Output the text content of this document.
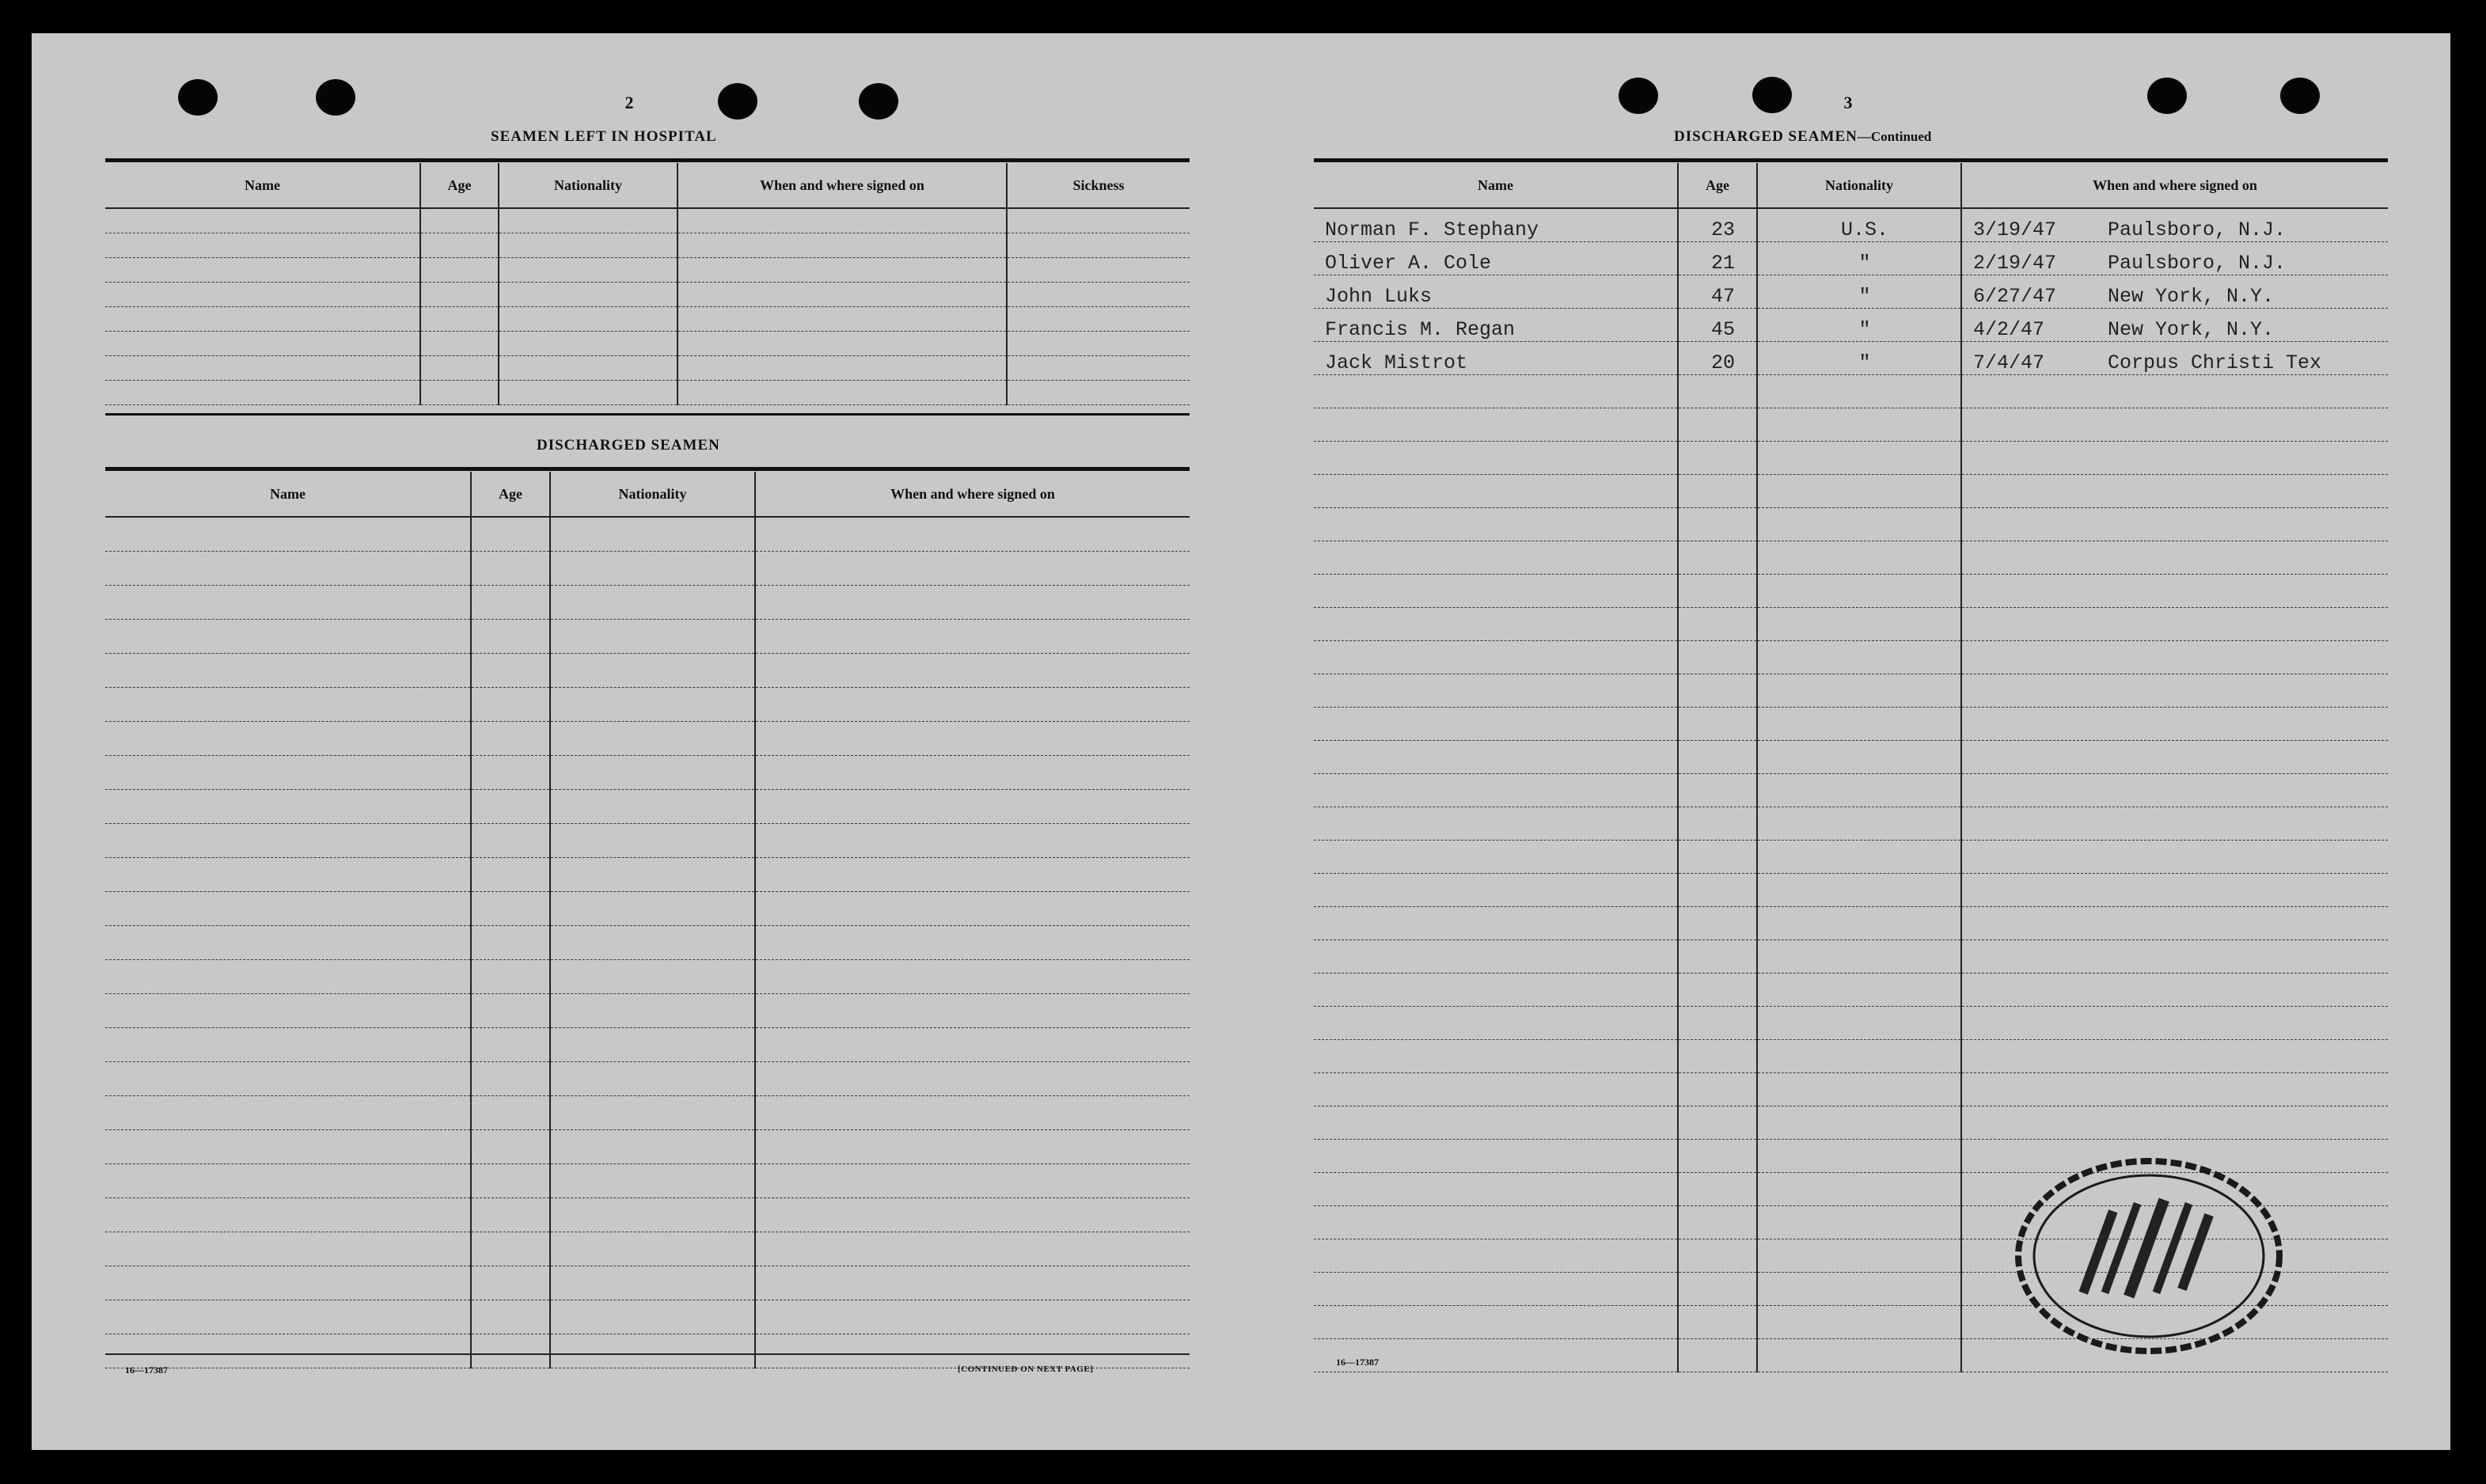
2
SEAMEN LEFT IN HOSPITAL
Name	Age	Nationality	When and where signed on	Sickness

DISCHARGED SEAMEN
Name	Age	Nationality	When and where signed on

16—17387	[CONTINUED ON NEXT PAGE]
3
DISCHARGED SEAMEN—Continued
Name	Age	Nationality	When and where signed on
Norman F. Stephany	23	U.S.	3/19/47 Paulsboro, N.J.
Oliver A. Cole	21	"	2/19/47 Paulsboro, N.J.
John Luks	47	"	6/27/47 New York, N.Y.
Francis M. Regan	45	"	4/2/47 New York, N.Y.
Jack Mistrot	20	"	7/4/47 Corpus Christi Tex

16—17387
